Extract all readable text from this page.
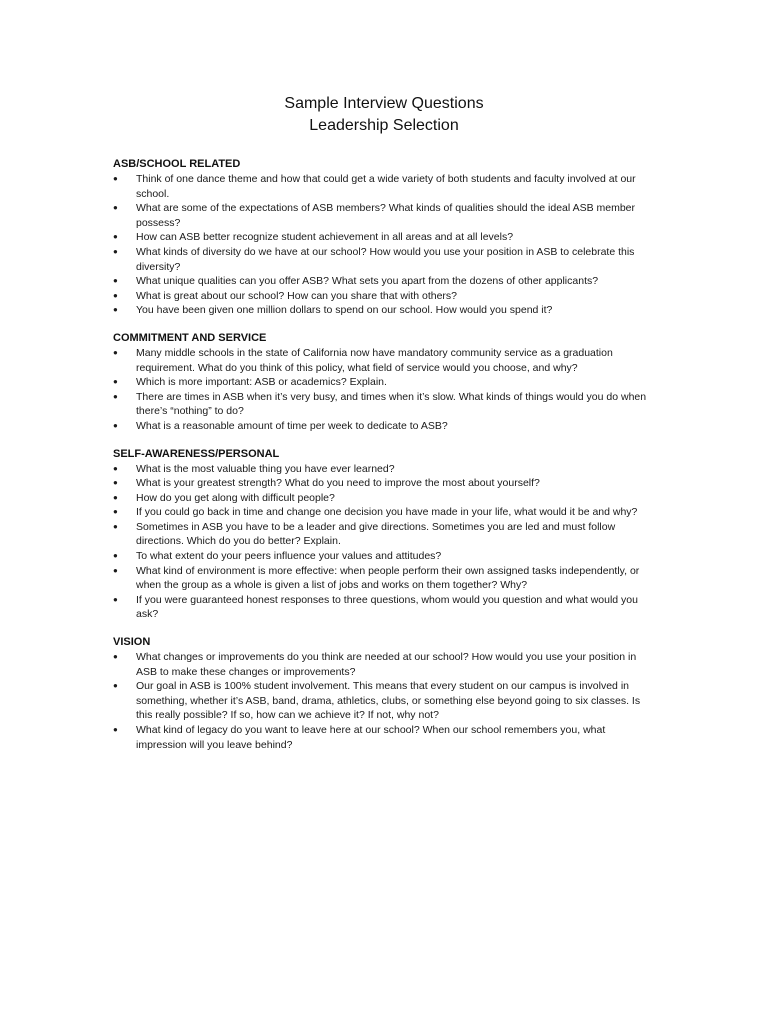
Sample Interview Questions
Leadership Selection
ASB/SCHOOL RELATED
● Think of one dance theme and how that could get a wide variety of both students and faculty involved at our school.
● What are some of the expectations of ASB members? What kinds of qualities should the ideal ASB member possess?
● How can ASB better recognize student achievement in all areas and at all levels?
● What kinds of diversity do we have at our school? How would you use your position in ASB to celebrate this diversity?
● What unique qualities can you offer ASB? What sets you apart from the dozens of other applicants?
● What is great about our school? How can you share that with others?
● You have been given one million dollars to spend on our school. How would you spend it?
COMMITMENT AND SERVICE
● Many middle schools in the state of California now have mandatory community service as a graduation requirement. What do you think of this policy, what field of service would you choose, and why?
● Which is more important: ASB or academics? Explain.
● There are times in ASB when it’s very busy, and times when it’s slow. What kinds of things would you do when there’s “nothing” to do?
● What is a reasonable amount of time per week to dedicate to ASB?
SELF-AWARENESS/PERSONAL
● What is the most valuable thing you have ever learned?
● What is your greatest strength? What do you need to improve the most about yourself?
● How do you get along with difficult people?
● If you could go back in time and change one decision you have made in your life, what would it be and why?
● Sometimes in ASB you have to be a leader and give directions. Sometimes you are led and must follow directions. Which do you do better? Explain.
● To what extent do your peers influence your values and attitudes?
● What kind of environment is more effective: when people perform their own assigned tasks independently, or when the group as a whole is given a list of jobs and works on them together? Why?
● If you were guaranteed honest responses to three questions, whom would you question and what would you ask?
VISION
● What changes or improvements do you think are needed at our school? How would you use your position in ASB to make these changes or improvements?
● Our goal in ASB is 100% student involvement. This means that every student on our campus is involved in something, whether it’s ASB, band, drama, athletics, clubs, or something else beyond going to six classes. Is this really possible? If so, how can we achieve it? If not, why not?
● What kind of legacy do you want to leave here at our school? When our school remembers you, what impression will you leave behind?
